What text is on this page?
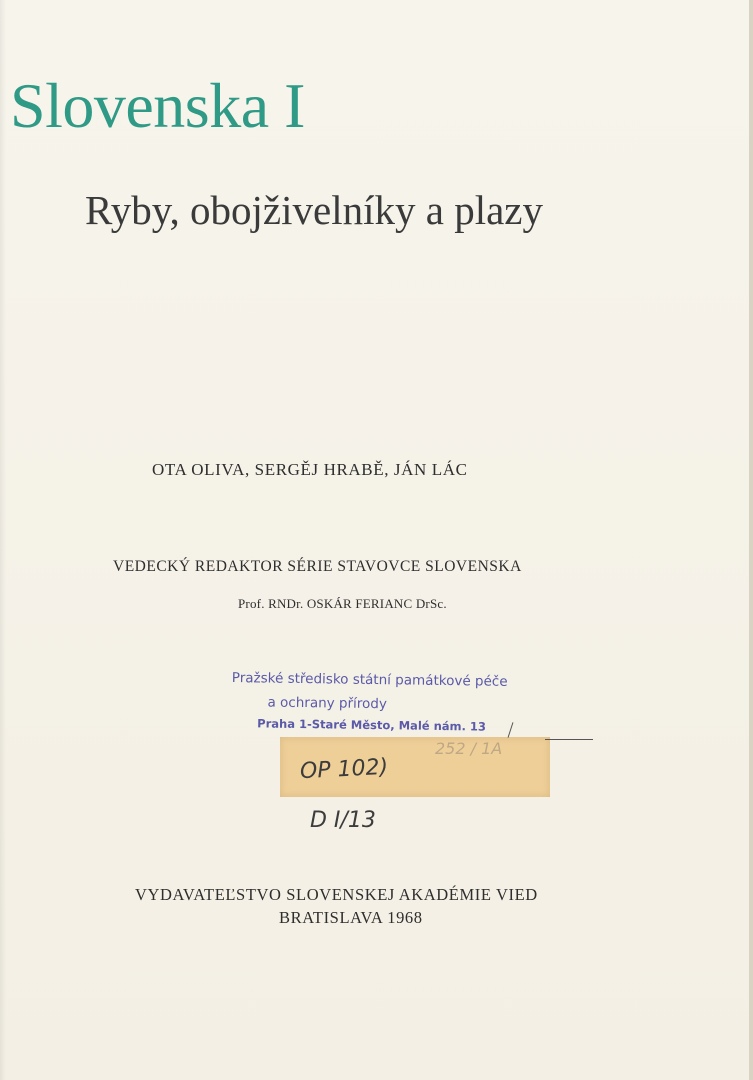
Slovenska I
Ryby, obojživelníky a plazy
OTA OLIVA, SERGĚJ HRABĚ, JÁN LÁC
VEDECKÝ REDAKTOR SÉRIE STAVOVCE SLOVENSKA
Prof. RNDr. OSKÁR FERIANC DrSc.
Pražské středisko státní památkové péče
a ochrany přírody
Praha 1-Staré Město, Malé nám. 13
252 / 1A
OP 102)
D I/13
VYDAVATEĽSTVO SLOVENSKEJ AKADÉMIE VIED
BRATISLAVA 1968
